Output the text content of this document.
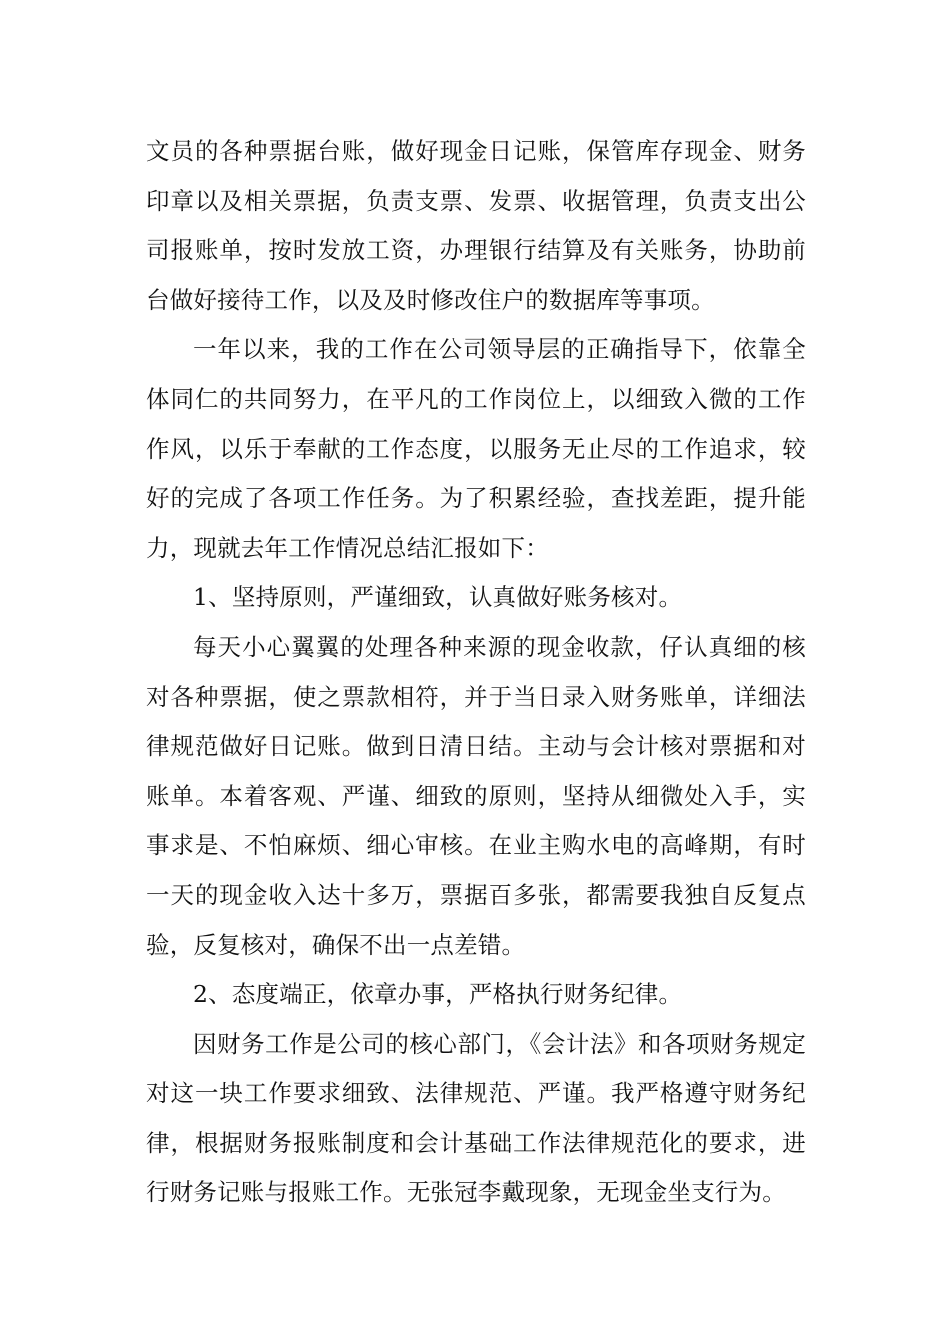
文员的各种票据台账，做好现金日记账，保管库存现金、财务印章以及相关票据，负责支票、发票、收据管理，负责支出公司报账单，按时发放工资，办理银行结算及有关账务，协助前台做好接待工作，以及及时修改住户的数据库等事项。

一年以来，我的工作在公司领导层的正确指导下，依靠全体同仁的共同努力，在平凡的工作岗位上，以细致入微的工作作风，以乐于奉献的工作态度，以服务无止尽的工作追求，较好的完成了各项工作任务。为了积累经验，查找差距，提升能力，现就去年工作情况总结汇报如下：

1、坚持原则，严谨细致，认真做好账务核对。

每天小心翼翼的处理各种来源的现金收款，仔认真细的核对各种票据，使之票款相符，并于当日录入财务账单，详细法律规范做好日记账。做到日清日结。主动与会计核对票据和对账单。本着客观、严谨、细致的原则，坚持从细微处入手，实事求是、不怕麻烦、细心审核。在业主购水电的高峰期，有时一天的现金收入达十多万，票据百多张，都需要我独自反复点验，反复核对，确保不出一点差错。

2、态度端正，依章办事，严格执行财务纪律。

因财务工作是公司的核心部门，《会计法》和各项财务规定对这一块工作要求细致、法律规范、严谨。我严格遵守财务纪律，根据财务报账制度和会计基础工作法律规范化的要求，进行财务记账与报账工作。无张冠李戴现象，无现金坐支行为。
